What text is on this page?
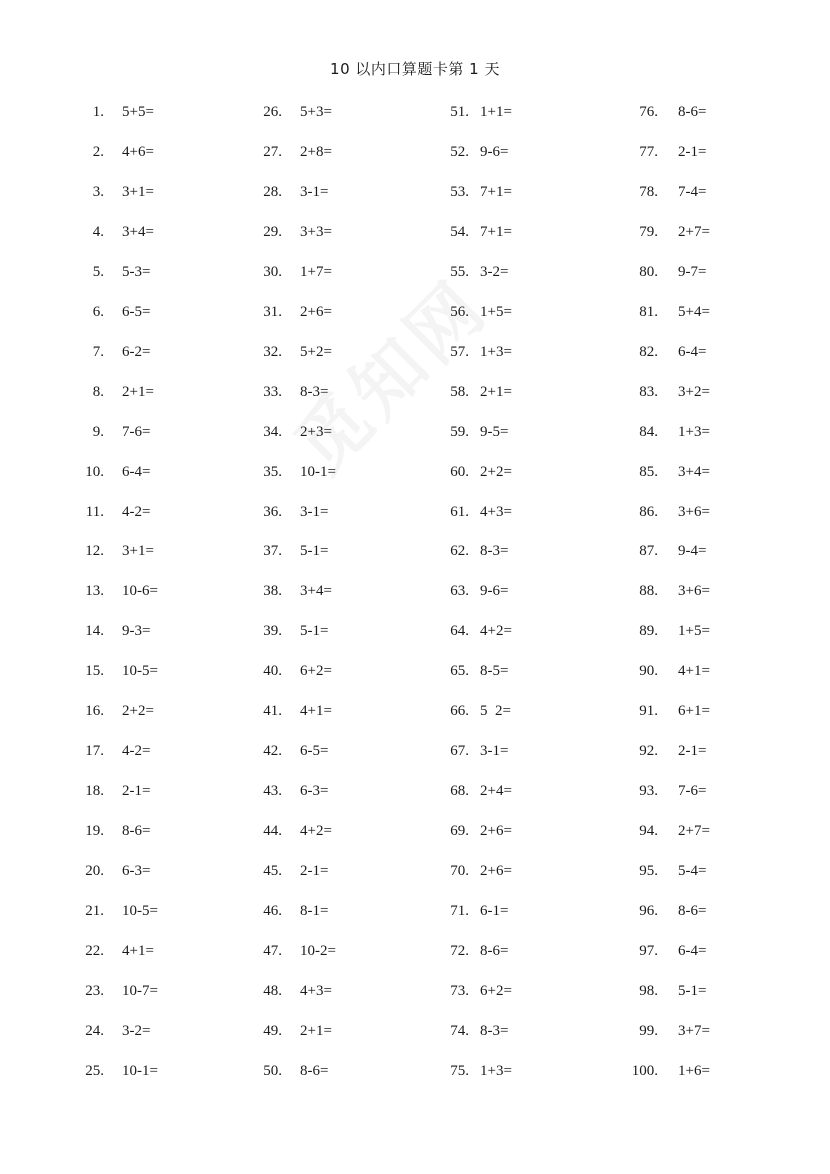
10 以内口算题卡第 1 天
1. 5+5=
2. 4+6=
3. 3+1=
4. 3+4=
5. 5-3=
6. 6-5=
7. 6-2=
8. 2+1=
9. 7-6=
10. 6-4=
11. 4-2=
12. 3+1=
13. 10-6=
14. 9-3=
15. 10-5=
16. 2+2=
17. 4-2=
18. 2-1=
19. 8-6=
20. 6-3=
21. 10-5=
22. 4+1=
23. 10-7=
24. 3-2=
25. 10-1=
26. 5+3=
27. 2+8=
28. 3-1=
29. 3+3=
30. 1+7=
31. 2+6=
32. 5+2=
33. 8-3=
34. 2+3=
35. 10-1=
36. 3-1=
37. 5-1=
38. 3+4=
39. 5-1=
40. 6+2=
41. 4+1=
42. 6-5=
43. 6-3=
44. 4+2=
45. 2-1=
46. 8-1=
47. 10-2=
48. 4+3=
49. 2+1=
50. 8-6=
51. 1+1=
52. 9-6=
53. 7+1=
54. 7+1=
55. 3-2=
56. 1+5=
57. 1+3=
58. 2+1=
59. 9-5=
60. 2+2=
61. 4+3=
62. 8-3=
63. 9-6=
64. 4+2=
65. 8-5=
66. 5  2=
67. 3-1=
68. 2+4=
69. 2+6=
70. 2+6=
71. 6-1=
72. 8-6=
73. 6+2=
74. 8-3=
75. 1+3=
76. 8-6=
77. 2-1=
78. 7-4=
79. 2+7=
80. 9-7=
81. 5+4=
82. 6-4=
83. 3+2=
84. 1+3=
85. 3+4=
86. 3+6=
87. 9-4=
88. 3+6=
89. 1+5=
90. 4+1=
91. 6+1=
92. 2-1=
93. 7-6=
94. 2+7=
95. 5-4=
96. 8-6=
97. 6-4=
98. 5-1=
99. 3+7=
100. 1+6=
